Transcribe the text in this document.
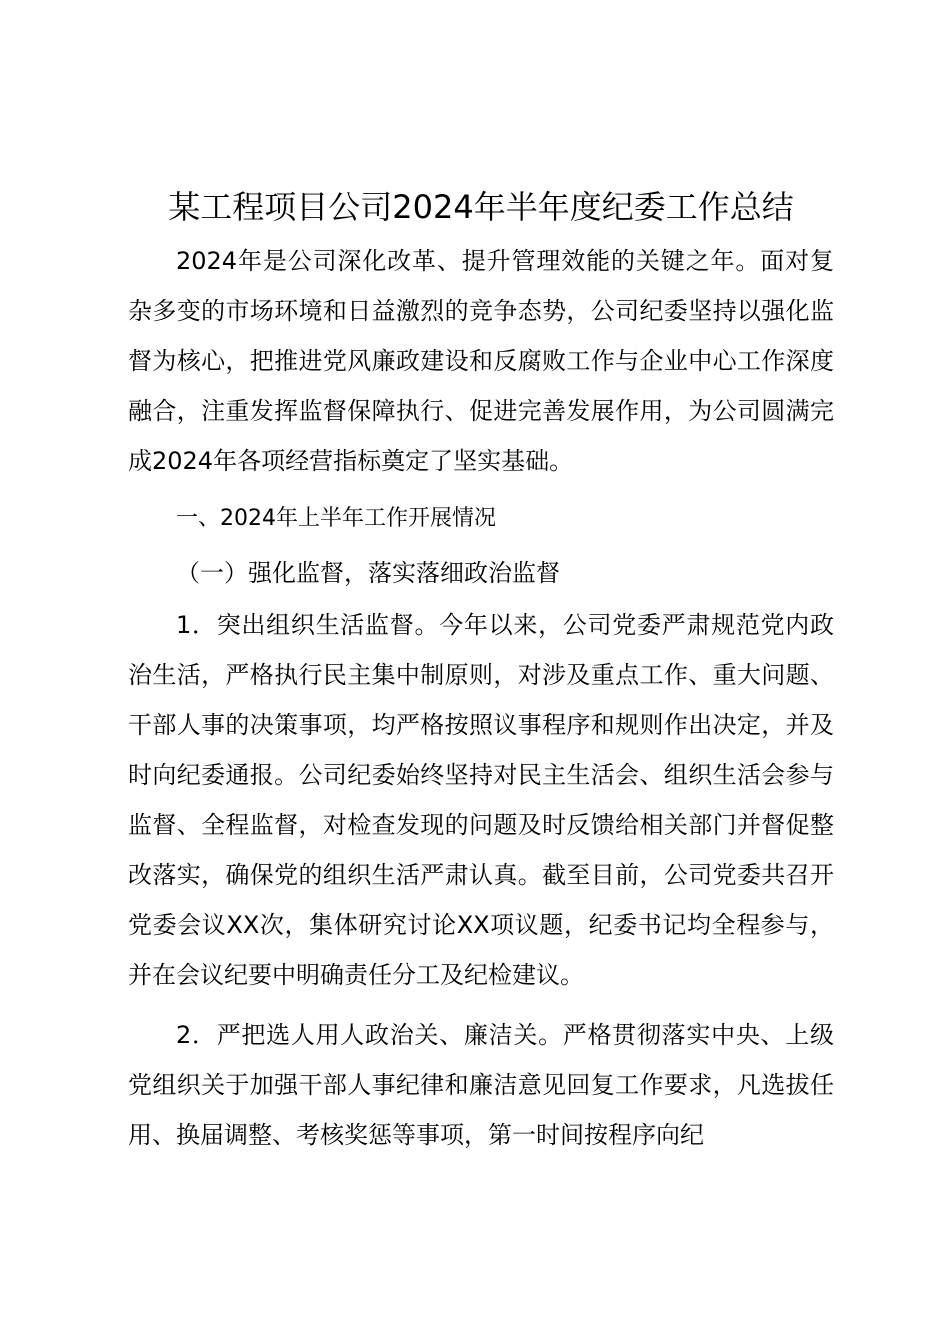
某工程项目公司2024年半年度纪委工作总结

2024年是公司深化改革、提升管理效能的关键之年。面对复杂多变的市场环境和日益激烈的竞争态势，公司纪委坚持以强化监督为核心，把推进党风廉政建设和反腐败工作与企业中心工作深度融合，注重发挥监督保障执行、促进完善发展作用，为公司圆满完成2024年各项经营指标奠定了坚实基础。

一、2024年上半年工作开展情况
（一）强化监督，落实落细政治监督

1．突出组织生活监督。今年以来，公司党委严肃规范党内政治生活，严格执行民主集中制原则，对涉及重点工作、重大问题、干部人事的决策事项，均严格按照议事程序和规则作出决定，并及时向纪委通报。公司纪委始终坚持对民主生活会、组织生活会参与监督、全程监督，对检查发现的问题及时反馈给相关部门并督促整改落实，确保党的组织生活严肃认真。截至目前，公司党委共召开党委会议XX次，集体研究讨论XX项议题，纪委书记均全程参与，并在会议纪要中明确责任分工及纪检建议。

2．严把选人用人政治关、廉洁关。严格贯彻落实中央、上级党组织关于加强干部人事纪律和廉洁意见回复工作要求，凡选拔任用、换届调整、考核奖惩等事项，第一时间按程序向纪
